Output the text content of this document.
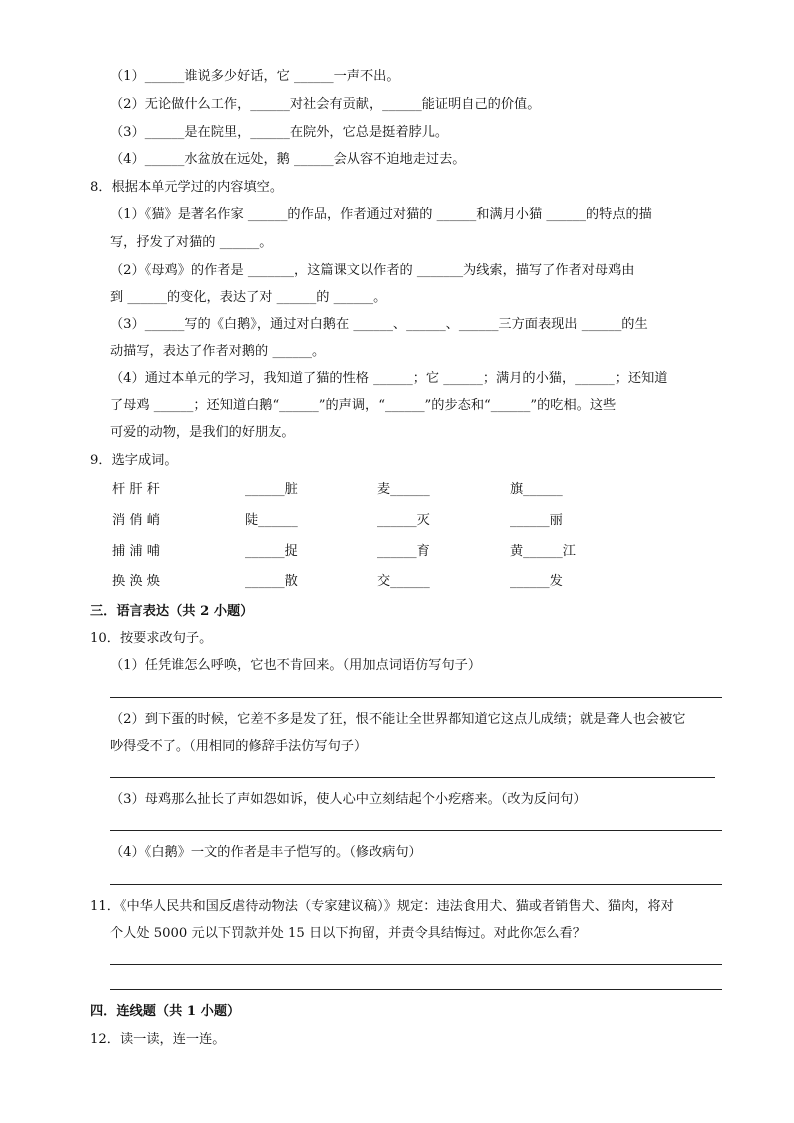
（1）______谁说多少好话，它 ______一声不出。
（2）无论做什么工作，______对社会有贡献，______能证明自己的价值。
（3）______是在院里，______在院外，它总是挺着脖儿。
（4）______水盆放在远处，鹅 ______会从容不迫地走过去。
8．根据本单元学过的内容填空。
（1）《猫》是著名作家 ______的作品，作者通过对猫的 ______和满月小猫 ______的特点的描
写，抒发了对猫的 ______。
（2）《母鸡》的作者是 _______，这篇课文以作者的 _______为线索，描写了作者对母鸡由
到 ______的变化，表达了对 ______的 ______。
（3）______写的《白鹅》，通过对白鹅在 ______、______、______三方面表现出 ______的生
动描写，表达了作者对鹅的 ______。
（4）通过本单元的学习，我知道了猫的性格 ______；它 ______；满月的小猫，______；还知道
了母鸡 ______；还知道白鹅“______”的声调，“______”的步态和“______”的吃相。这些
可爱的动物，是我们的好朋友。
9．选字成词。
杆 肝 秆	______脏	麦______	旗______
消 俏 峭	陡______	______灭	______丽
捕 浦 哺	______捉	______育	黄______江
换 涣 焕	______散	交______	______发
三．语言表达（共 2 小题）
10．按要求改句子。
（1）任凭谁怎么呼唤，它也不肯回来。（用加点词语仿写句子）
（2）到下蛋的时候，它差不多是发了狂，恨不能让全世界都知道它这点儿成绩；就是聋人也会被它
吵得受不了。（用相同的修辞手法仿写句子）
（3）母鸡那么扯长了声如怨如诉，使人心中立刻结起个小疙瘩来。（改为反问句）
（4）《白鹅》一文的作者是丰子恺写的。（修改病句）
11．《中华人民共和国反虐待动物法（专家建议稿）》规定：违法食用犬、猫或者销售犬、猫肉，将对
个人处 5000 元以下罚款并处 15 日以下拘留，并责令具结悔过。对此你怎么看？
四．连线题（共 1 小题）
12．读一读，连一连。
